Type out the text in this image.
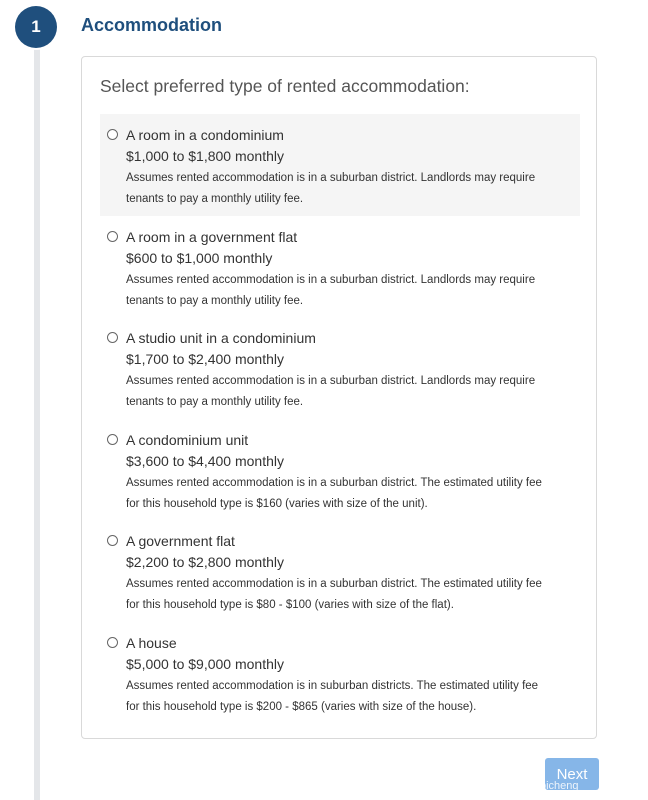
1	Accommodation
Select preferred type of rented accommodation:
A room in a condominium
$1,000 to $1,800 monthly
Assumes rented accommodation is in a suburban district. Landlords may require
tenants to pay a monthly utility fee.
A room in a government flat
$600 to $1,000 monthly
Assumes rented accommodation is in a suburban district. Landlords may require
tenants to pay a monthly utility fee.
A studio unit in a condominium
$1,700 to $2,400 monthly
Assumes rented accommodation is in a suburban district. Landlords may require
tenants to pay a monthly utility fee.
A condominium unit
$3,600 to $4,400 monthly
Assumes rented accommodation is in a suburban district. The estimated utility fee
for this household type is $160 (varies with size of the unit).
A government flat
$2,200 to $2,800 monthly
Assumes rented accommodation is in a suburban district. The estimated utility fee
for this household type is $80 - $100 (varies with size of the flat).
A house
$5,000 to $9,000 monthly
Assumes rented accommodation is in suburban districts. The estimated utility fee
for this household type is $200 - $865 (varies with size of the house).
Next
bicheng
